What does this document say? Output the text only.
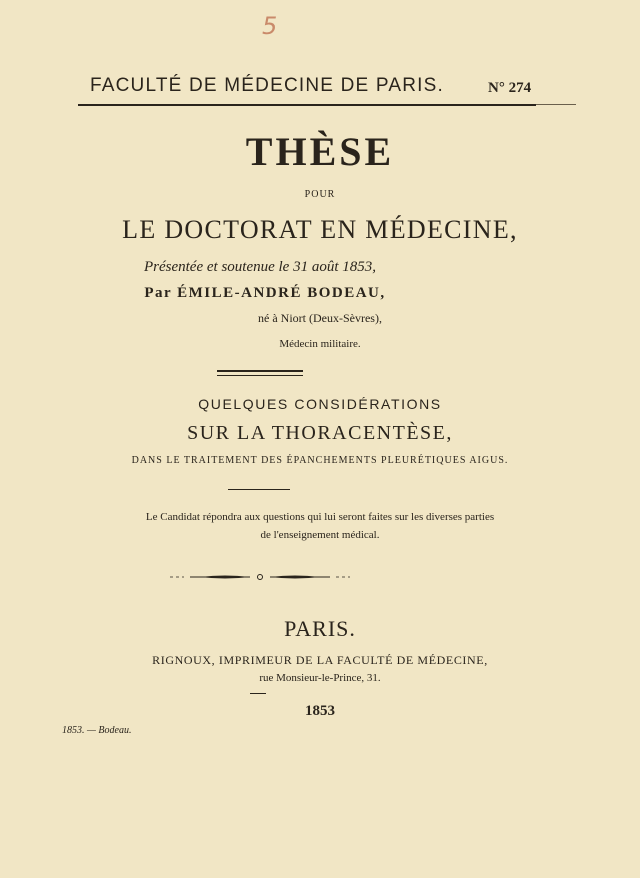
5
FACULTÉ DE MÉDECINE DE PARIS.	N° 274
THÈSE
POUR
LE DOCTORAT EN MÉDECINE,
Présentée et soutenue le 31 août 1853,
Par ÉMILE-ANDRÉ BODEAU,
né à Niort (Deux-Sèvres),
Médecin militaire.
QUELQUES CONSIDÉRATIONS
SUR LA THORACENTÈSE,
DANS LE TRAITEMENT DES ÉPANCHEMENTS PLEURÉTIQUES AIGUS.
Le Candidat répondra aux questions qui lui seront faites sur les diverses parties
de l'enseignement médical.
PARIS.
RIGNOUX, IMPRIMEUR DE LA FACULTÉ DE MÉDECINE,
rue Monsieur-le-Prince, 31.
1853
1853. — Bodeau.
